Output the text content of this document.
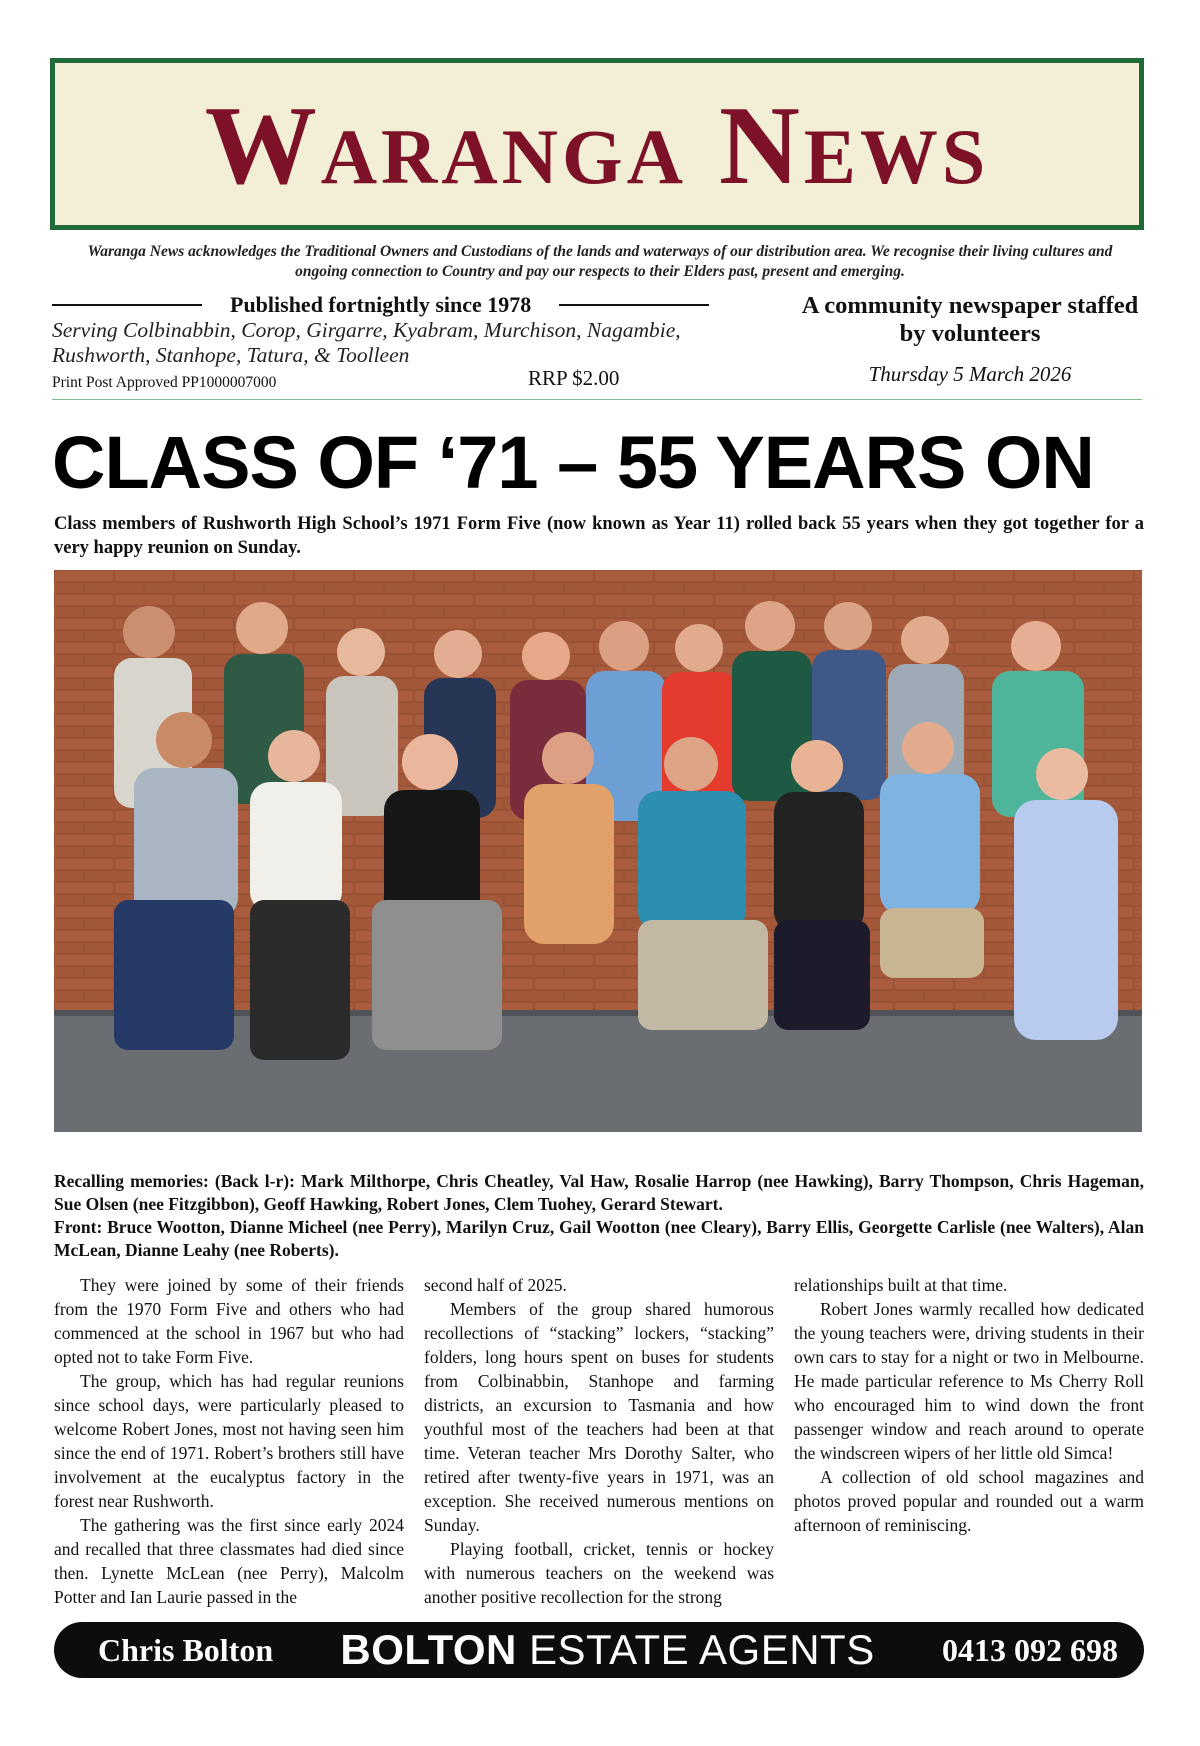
Waranga News
Waranga News acknowledges the Traditional Owners and Custodians of the lands and waterways of our distribution area. We recognise their living cultures and ongoing connection to Country and pay our respects to their Elders past, present and emerging.
Published fortnightly since 1978
Serving Colbinabbin, Corop, Girgarre, Kyabram, Murchison, Nagambie, Rushworth, Stanhope, Tatura, & Toolleen
Print Post Approved PP1000007000	RRP $2.00
A community newspaper staffed by volunteers
Thursday 5 March 2026
CLASS OF ‘71 – 55 YEARS ON
Class members of Rushworth High School’s 1971 Form Five (now known as Year 11) rolled back 55 years when they got together for a very happy reunion on Sunday.

Recalling memories: (Back l-r): Mark Milthorpe, Chris Cheatley, Val Haw, Rosalie Harrop (nee Hawking), Barry Thompson, Chris Hageman, Sue Olsen (nee Fitzgibbon), Geoff Hawking, Robert Jones, Clem Tuohey, Gerard Stewart.

Front: Bruce Wootton, Dianne Micheel (nee Perry), Marilyn Cruz, Gail Wootton (nee Cleary), Barry Ellis, Georgette Carlisle (nee Walters), Alan McLean, Dianne Leahy (nee Roberts).

They were joined by some of their friends from the 1970 Form Five and others who had commenced at the school in 1967 but who had opted not to take Form Five.

The group, which has had regular reunions since school days, were particularly pleased to welcome Robert Jones, most not having seen him since the end of 1971. Robert’s brothers still have involvement at the eucalyptus factory in the forest near Rushworth.

The gathering was the first since early 2024 and recalled that three classmates had died since then. Lynette McLean (nee Perry), Malcolm Potter and Ian Laurie passed in the

second half of 2025.

Members of the group shared humorous recollections of “stacking” lockers, “stacking” folders, long hours spent on buses for students from Colbinabbin, Stanhope and farming districts, an excursion to Tasmania and how youthful most of the teachers had been at that time. Veteran teacher Mrs Dorothy Salter, who retired after twenty-five years in 1971, was an exception. She received numerous mentions on Sunday.

Playing football, cricket, tennis or hockey with numerous teachers on the weekend was another positive recollection for the strong

relationships built at that time.

Robert Jones warmly recalled how dedicated the young teachers were, driving students in their own cars to stay for a night or two in Melbourne. He made particular reference to Ms Cherry Roll who encouraged him to wind down the front passenger window and reach around to operate the windscreen wipers of her little old Simca!

A collection of old school magazines and photos proved popular and rounded out a warm afternoon of reminiscing.

Chris Bolton BOLTON ESTATE AGENTS 0413 092 698
